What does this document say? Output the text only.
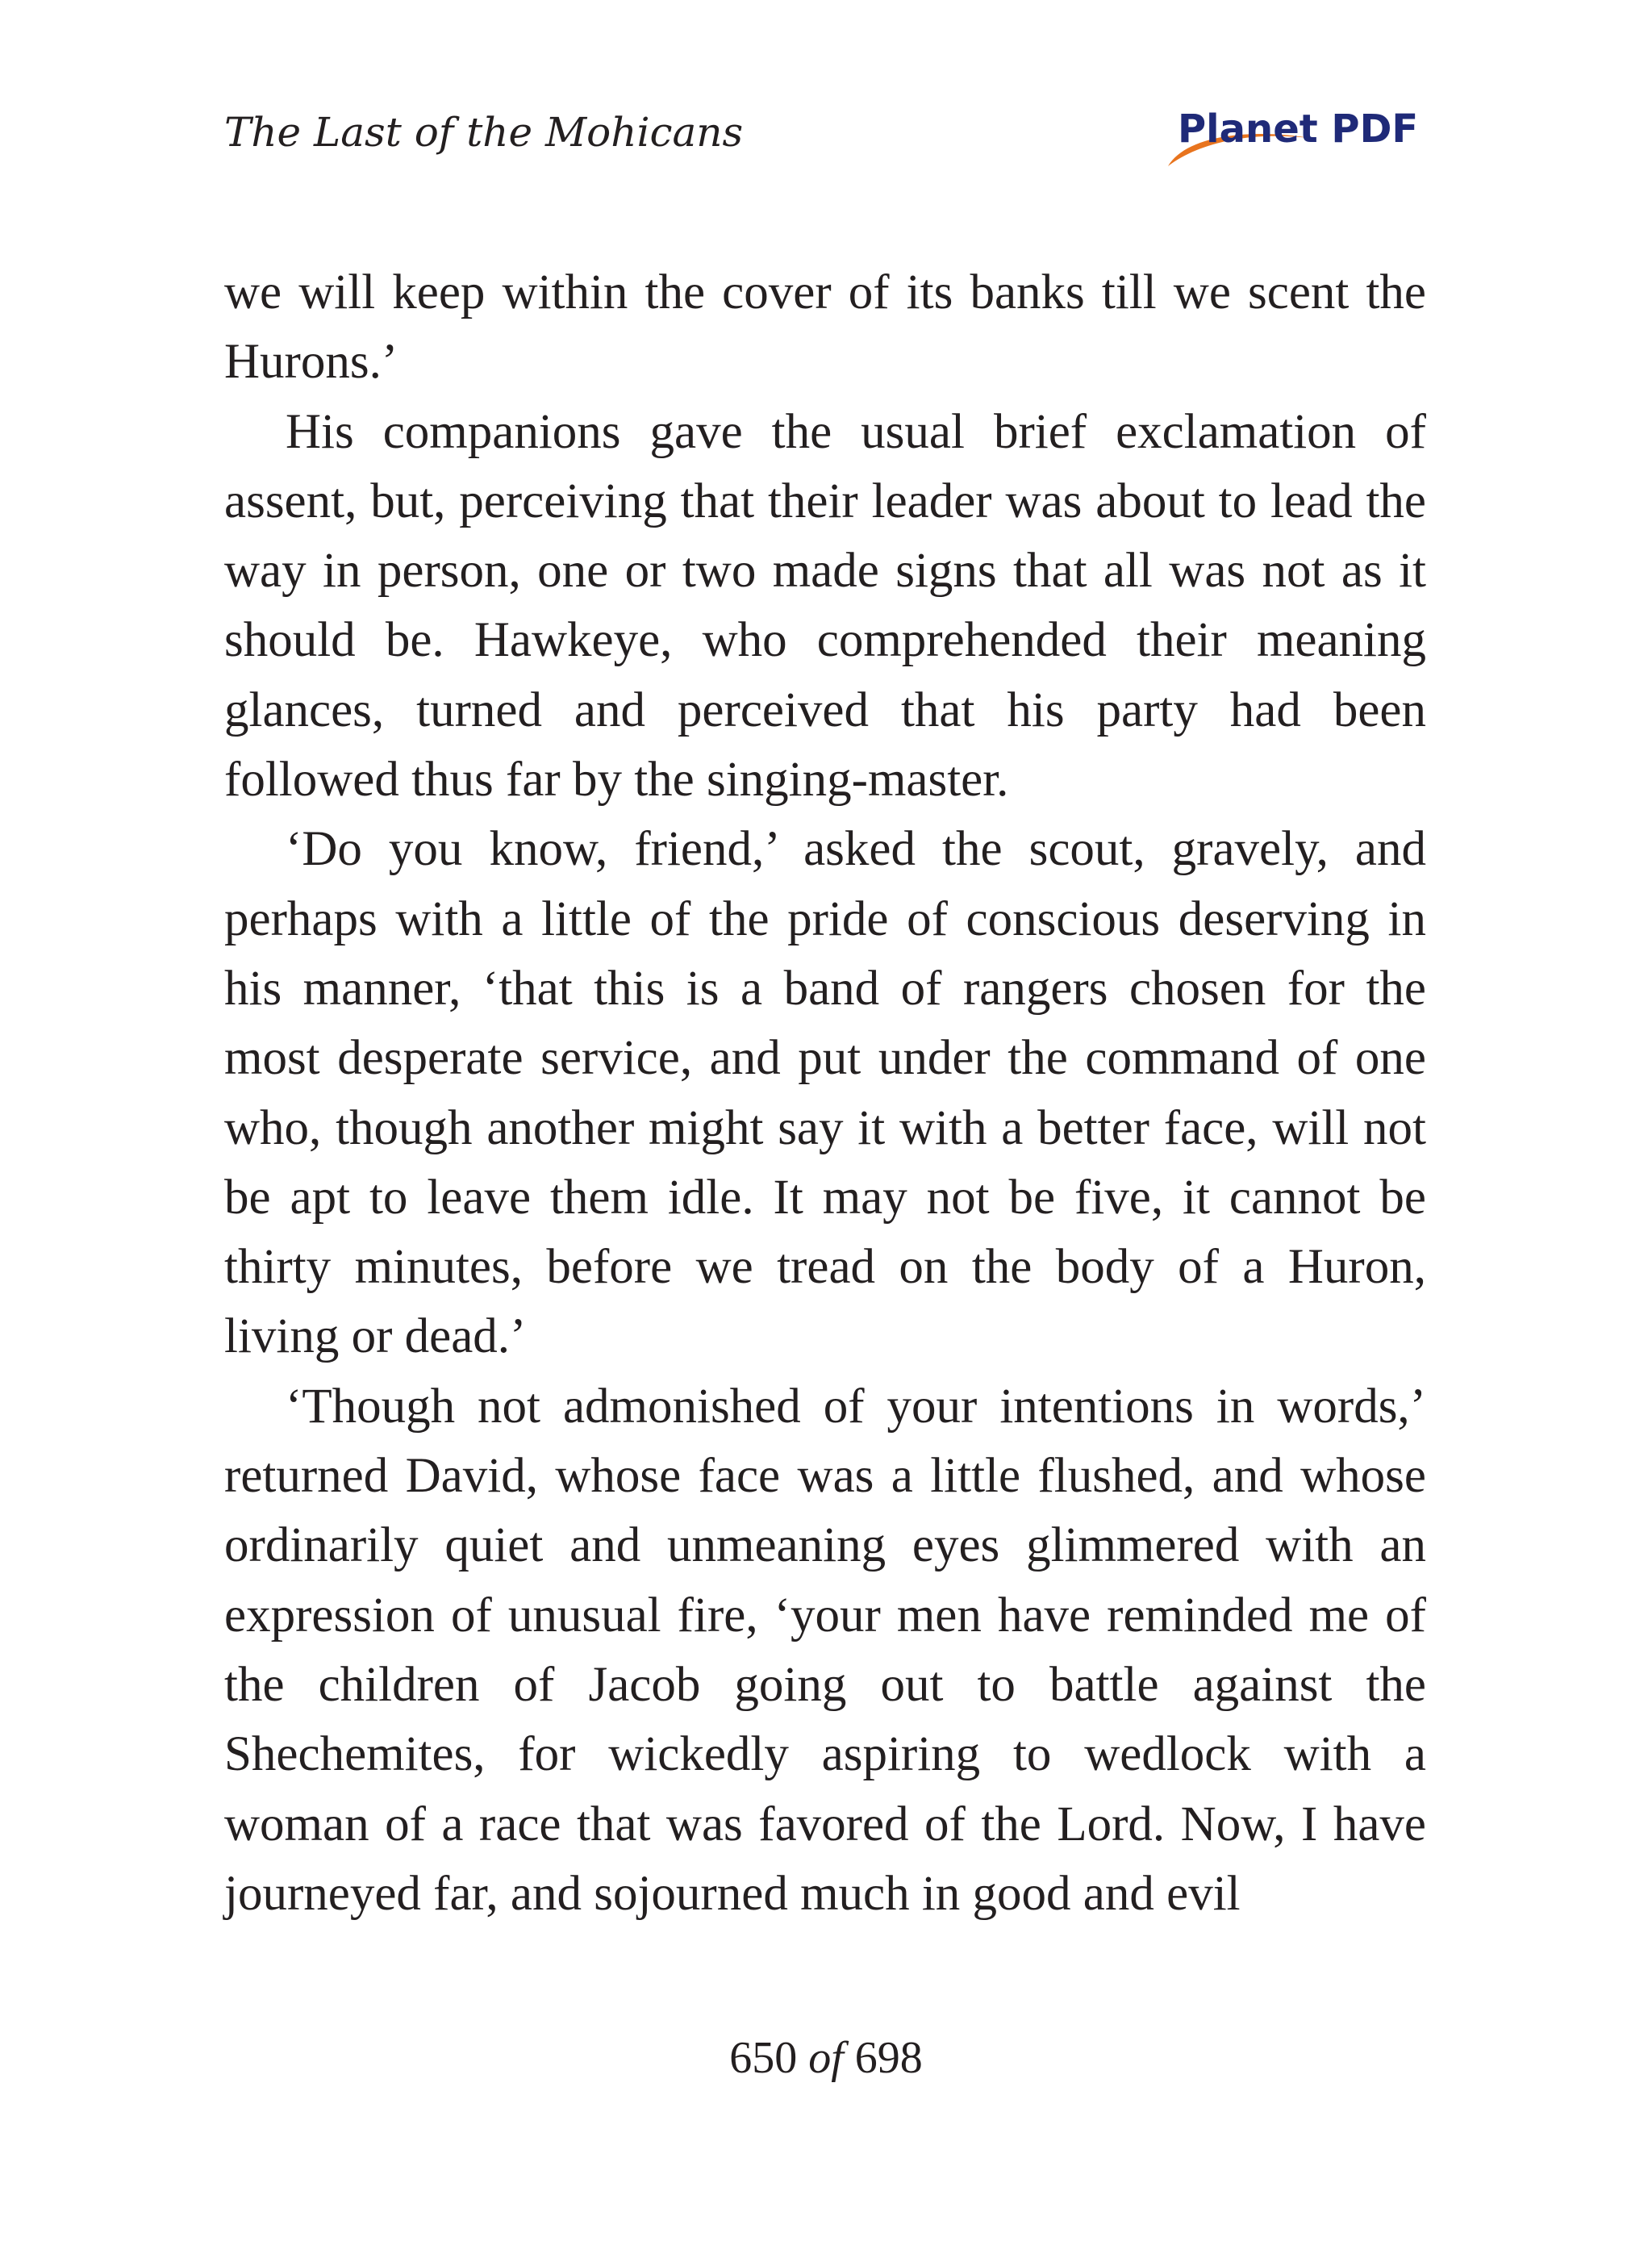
The Last of the Mohicans	Planet PDF

we will keep within the cover of its banks till we scent the Hurons.’

His companions gave the usual brief exclamation of assent, but, perceiving that their leader was about to lead the way in person, one or two made signs that all was not as it should be. Hawkeye, who comprehended their meaning glances, turned and perceived that his party had been followed thus far by the singing-master.

‘Do you know, friend,’ asked the scout, gravely, and perhaps with a little of the pride of conscious deserving in his manner, ‘that this is a band of rangers chosen for the most desperate service, and put under the command of one who, though another might say it with a better face, will not be apt to leave them idle. It may not be five, it cannot be thirty minutes, before we tread on the body of a Huron, living or dead.’

‘Though not admonished of your intentions in words,’ returned David, whose face was a little flushed, and whose ordinarily quiet and unmeaning eyes glimmered with an expression of unusual fire, ‘your men have reminded me of the children of Jacob going out to battle against the Shechemites, for wickedly aspiring to wedlock with a woman of a race that was favored of the Lord. Now, I have journeyed far, and sojourned much in good and evil

650 of 698
